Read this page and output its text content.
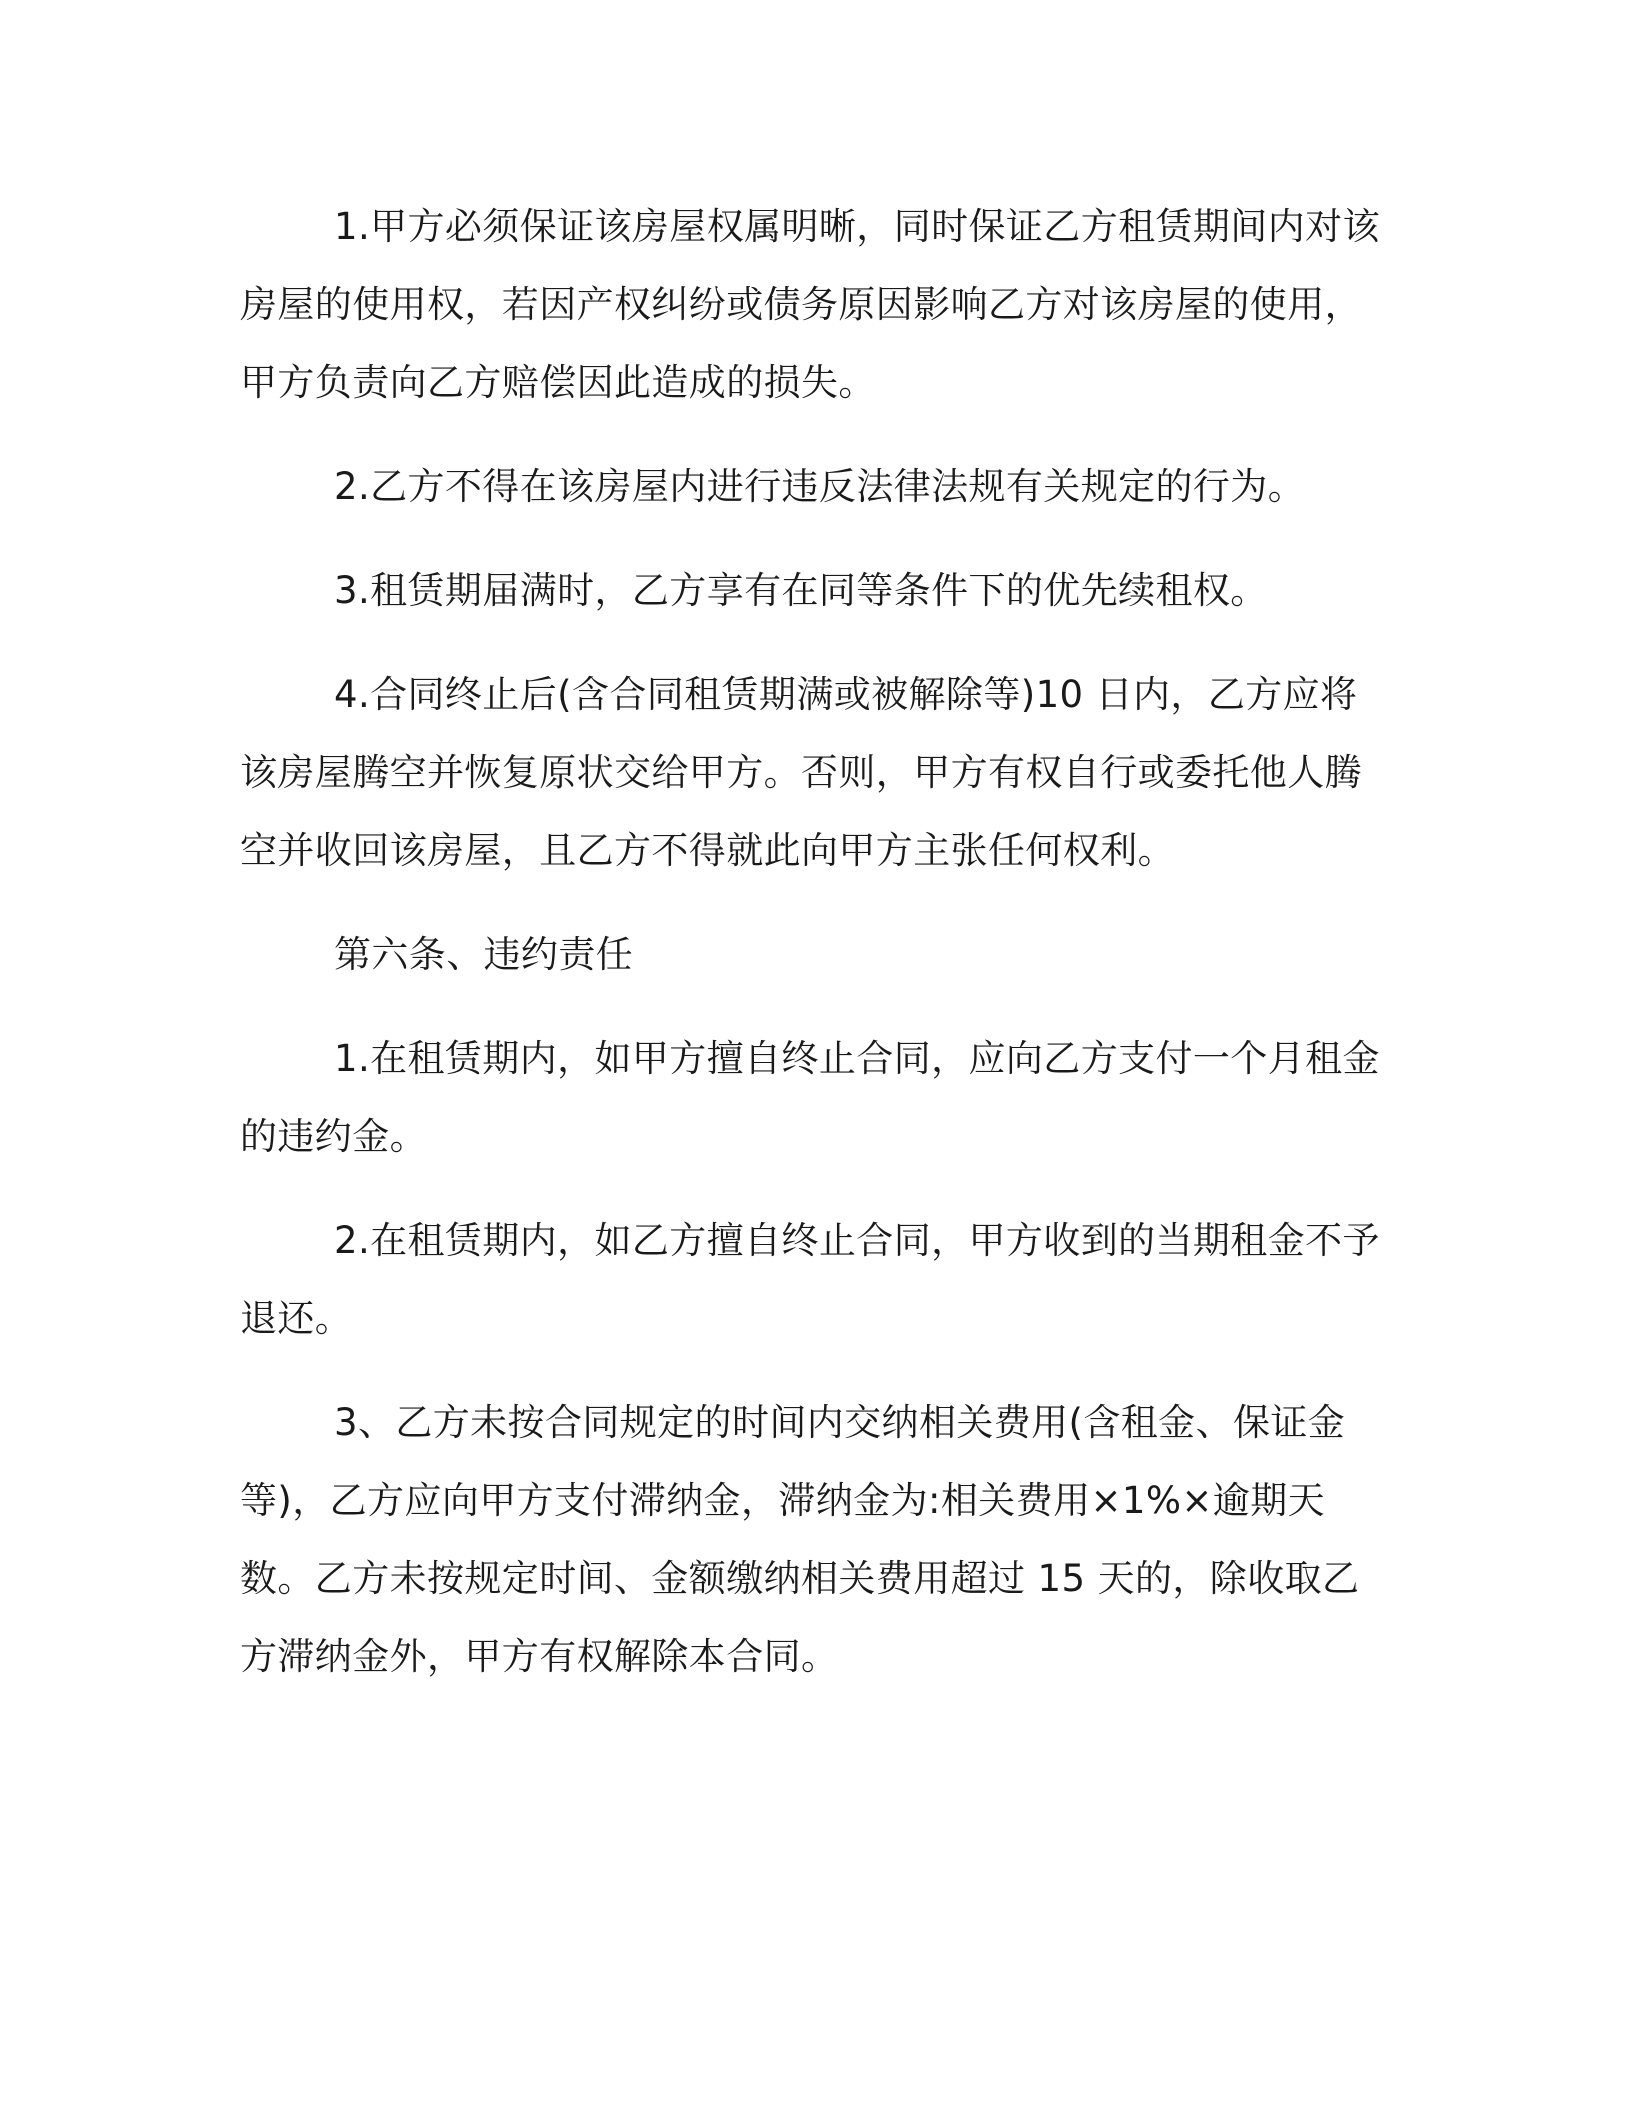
1.甲方必须保证该房屋权属明晰，同时保证乙方租赁期间内对该房屋的使用权，若因产权纠纷或债务原因影响乙方对该房屋的使用，甲方负责向乙方赔偿因此造成的损失。

2.乙方不得在该房屋内进行违反法律法规有关规定的行为。

3.租赁期届满时，乙方享有在同等条件下的优先续租权。

4.合同终止后(含合同租赁期满或被解除等)10 日内，乙方应将该房屋腾空并恢复原状交给甲方。否则，甲方有权自行或委托他人腾空并收回该房屋，且乙方不得就此向甲方主张任何权利。

第六条、违约责任

1.在租赁期内，如甲方擅自终止合同，应向乙方支付一个月租金的违约金。

2.在租赁期内，如乙方擅自终止合同，甲方收到的当期租金不予退还。

3、乙方未按合同规定的时间内交纳相关费用(含租金、保证金等)，乙方应向甲方支付滞纳金，滞纳金为:相关费用×1%×逾期天数。乙方未按规定时间、金额缴纳相关费用超过 15 天的，除收取乙方滞纳金外，甲方有权解除本合同。
